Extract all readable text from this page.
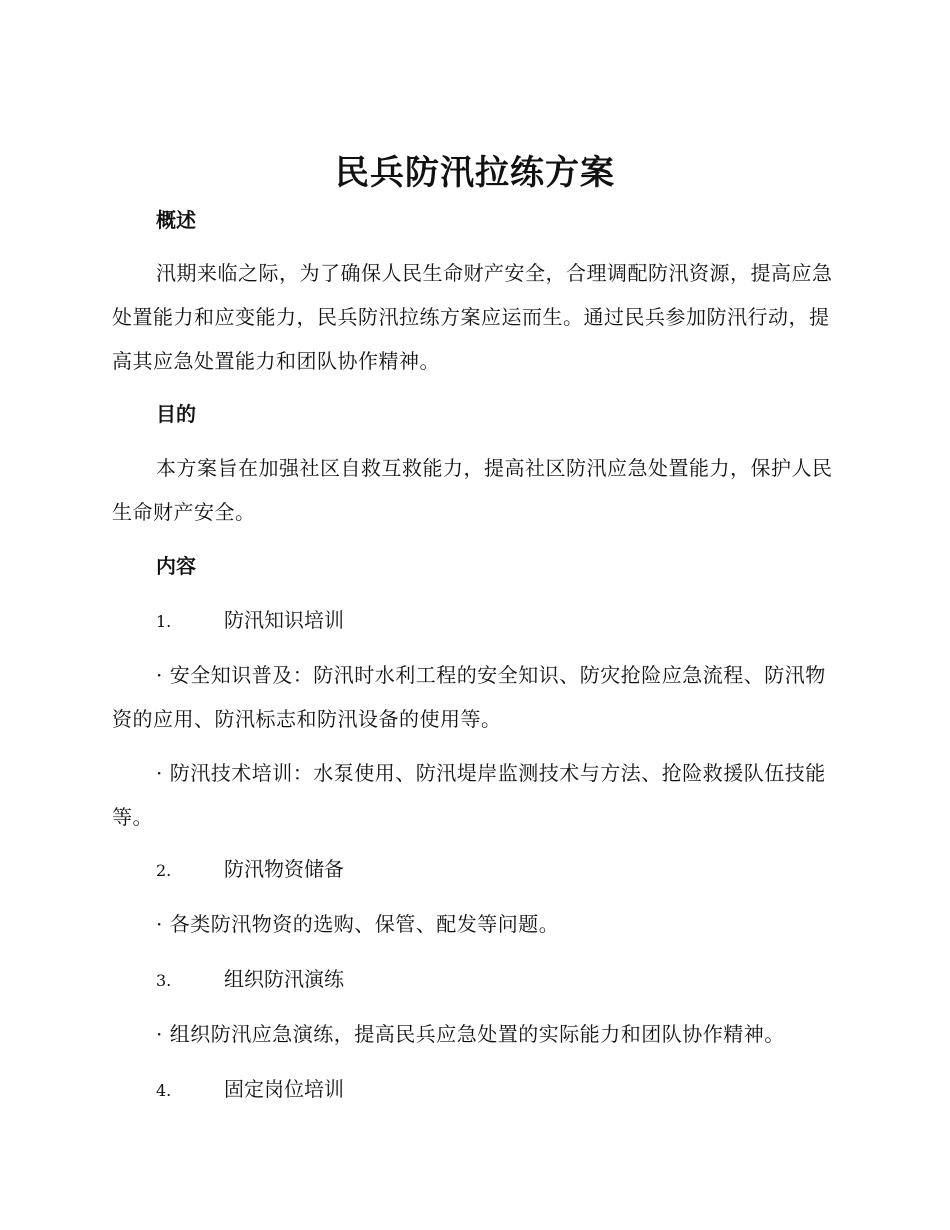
民兵防汛拉练方案
概述

汛期来临之际，为了确保人民生命财产安全，合理调配防汛资源，提高应急处置能力和应变能力，民兵防汛拉练方案应运而生。通过民兵参加防汛行动，提高其应急处置能力和团队协作精神。

目的

本方案旨在加强社区自救互救能力，提高社区防汛应急处置能力，保护人民生命财产安全。

内容
1.	防汛知识培训

· 安全知识普及：防汛时水利工程的安全知识、防灾抢险应急流程、防汛物资的应用、防汛标志和防汛设备的使用等。

· 防汛技术培训：水泵使用、防汛堤岸监测技术与方法、抢险救援队伍技能等。

2.	防汛物资储备

· 各类防汛物资的选购、保管、配发等问题。

3.	组织防汛演练

· 组织防汛应急演练，提高民兵应急处置的实际能力和团队协作精神。

4.	固定岗位培训
